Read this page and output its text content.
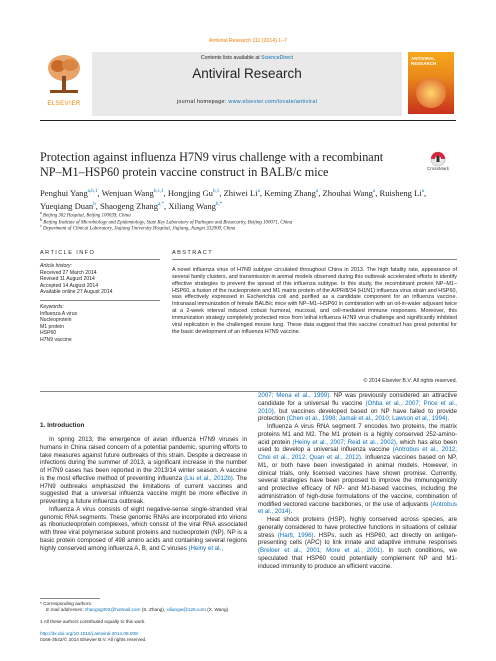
Antiviral Research 111 (2014) 1–7
ELSEVIER
Contents lists available at ScienceDirect
Antiviral Research
journal homepage: www.elsevier.com/locate/antiviral
ANTIVIRAL RESEARCH
Protection against influenza H7N9 virus challenge with a recombinant NP–M1–HSP60 protein vaccine construct in BALB/c mice	CrossMark
Penghui Yang$^{a,b,1}$, Wenjuan Wang$^{b,c,1}$, Hongjing Gu$^{b,1}$, Zhiwei Li$^a$, Keming Zhang$^a$, Zhouhai Wang$^a$, Ruisheng Li$^a$, Yueqiang Duan$^b$, Shaogeng Zhang$^{a,*}$, Xiliang Wang$^{b,*}$
$^a$ Beijing 302 Hospital, Beijing 100039, China
$^b$ Beijing Institute of Microbiology and Epidemiology, State Key Laboratory of Pathogen and Biosecurity, Beijing 100071, China
$^c$ Department of Clinical Laboratory, Jiujiang University Hospital, Jiujiang, Jiangxi 332000, China
ARTICLE INFO
Article history:
Received 27 March 2014
Revised 11 August 2014
Accepted 14 August 2014
Available online 27 August 2014
Keywords:
Influenza A virus
Nucleoprotein
M1 protein
HSP60
H7N9 vaccine
ABSTRACT
A novel influenza virus of H7N9 subtype circulated throughout China in 2013. The high fatality rate, appearance of several family clusters, and transmission in animal models observed during this outbreak accelerated efforts to identify effective strategies to prevent the spread of this influenza subtype. In this study, the recombinant protein NP–M1–HSP60, a fusion of the nucleoprotein and M1 matrix protein of the A/PR/8/34 (H1N1) influenza virus strain and HSP60, was effectively expressed in Escherichia coli and purified as a candidate component for an influenza vaccine. Intranasal immunization of female BALB/c mice with NP–M1–HSP60 in combination with an oil-in-water adjuvant twice at a 2-week interval induced cobust humoral, mucosal, and cell-mediated immune responses. Moreover, this immunization strategy completely protected mice from lethal influenza H7N9 virus challenge and significantly inhibited viral replication in the challenged mouse lung. These data suggest that this vaccine construct has great potential for the basic development of an influenza H7N9 vaccine.
© 2014 Elsevier B.V. All rights reserved.
1. Introduction

In spring 2013, the emergence of avian influenza H7N9 viruses in humans in China raised concern of a potential pandemic, spurring efforts to take measures against future outbreaks of this strain. Despite a decrease in infections during the summer of 2013, a significant increase in the number of H7N9 cases has been reported in the 2013/14 winter season. A vaccine is the most effective method of preventing influenza (Liu et al., 2012b). The H7N9 outbreaks emphasized the limitations of current vaccines and suggested that a universal influenza vaccine might be more effective in preventing a future influenza outbreak.

Influenza A virus consists of eight negative-sense single-stranded viral genomic RNA segments. These genomic RNAs are incorporated into virions as ribonucleoprotein complexes, which consist of the viral RNA associated with three viral polymerase subunit proteins and nucleoprotein (NP). NP is a basic protein composed of 498 amino acids and containing several regions highly conserved among influenza A, B, and C viruses (Heiny et al.,

2007; Mena et al., 1999). NP was previously considered an attractive candidate for a universal flu vaccine (Ohba et al., 2007; Price et al., 2010), but vaccines developed based on NP have failed to provide protection (Chen et al., 1998; Jamali et al., 2010; Lawson et al., 1994).

Influenza A virus RNA segment 7 encodes two proteins, the matrix proteins M1 and M2. The M1 protein is a highly conserved 252-amino-acid protein (Heiny et al., 2007; Reid et al., 2002), which has also been used to develop a universal influenza vaccine (Antrobus et al., 2012; Choi et al., 2012; Quan et al., 2012). Influenza vaccines based on NP, M1, or both have been investigated in animal models. However, in clinical trials, only licensed vaccines have shown promise. Currently, several strategies have been proposed to improve the immunogenicity and protective efficacy of NP- and M1-based vaccines, including the administration of high-dose formulations of the vaccine, combination of modified vectored vaccine backbones, or the use of adjuvants (Antrobus et al., 2014).

Heat shock proteins (HSP), highly conserved across species, are generally considered to have protective functions in situations of cellular stress (Hartl, 1996). HSPs, such as HSP60, act directly on antigen-presenting cells (APC) to link innate and adaptive immune responses (Breloer et al., 2001; More et al., 2001). In such conditions, we speculated that HSP60 could potentially complement NP and M1-induced immunity to produce an efficient vaccine.

* Corresponding authors.
E-mail addresses: zhangsg302@hotmail.com (S. Zhang), xiliangw@126.com (X. Wang).
1 All these authors contributed equally to this work.
http://dx.doi.org/10.1016/j.antiviral.2014.08.008
0166-3542/© 2014 Elsevier B.V. All rights reserved.
